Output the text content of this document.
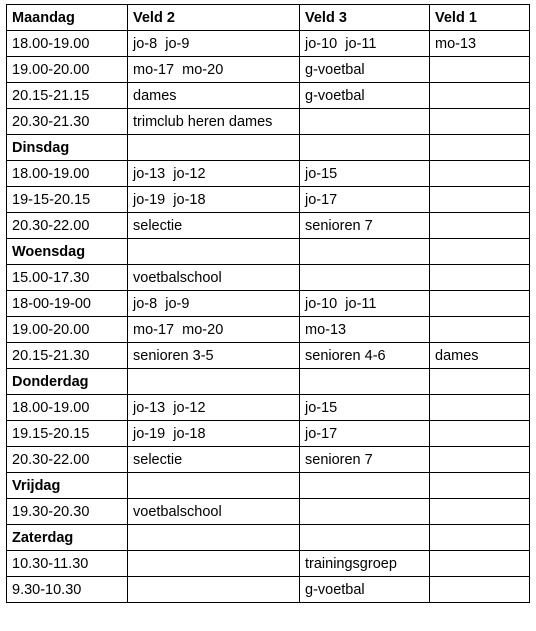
Maandag	Veld 2	Veld 3	Veld 1
18.00-19.00	jo-8  jo-9	jo-10  jo-11	mo-13
19.00-20.00	mo-17  mo-20	g-voetbal	
20.15-21.15	dames	g-voetbal	
20.30-21.30	trimclub heren dames		
Dinsdag			
18.00-19.00	jo-13  jo-12	jo-15	
19-15-20.15	jo-19  jo-18	jo-17	
20.30-22.00	selectie	senioren 7	
Woensdag			
15.00-17.30	voetbalschool		
18-00-19-00	jo-8  jo-9	jo-10  jo-11	
19.00-20.00	mo-17  mo-20	mo-13	
20.15-21.30	senioren 3-5	senioren 4-6	dames
Donderdag			
18.00-19.00	jo-13  jo-12	jo-15	
19.15-20.15	jo-19  jo-18	jo-17	
20.30-22.00	selectie	senioren 7	
Vrijdag			
19.30-20.30	voetbalschool		
Zaterdag			
10.30-11.30		trainingsgroep	
9.30-10.30		g-voetbal	
